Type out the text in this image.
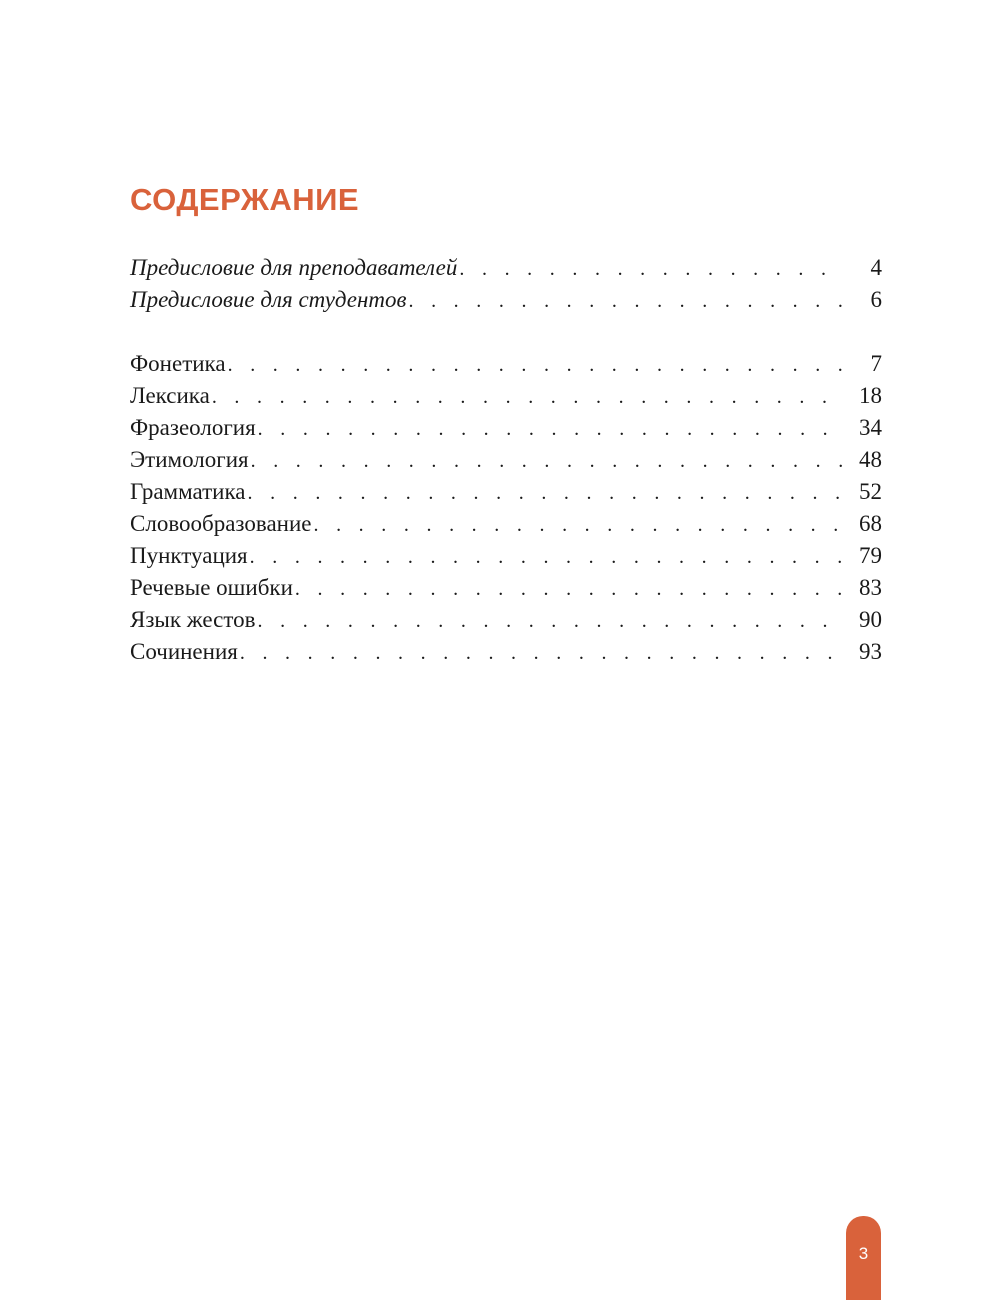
СОДЕРЖАНИЕ
Предисловие для преподавателей . . .	4
Предисловие для студентов . . .	6
Фонетика . . .	7
Лексика . . .	18
Фразеология . . .	34
Этимология . . .	48
Грамматика . . .	52
Словообразование . . .	68
Пунктуация . . .	79
Речевые ошибки . . .	83
Язык жестов . . .	90
Сочинения . . .	93
3
